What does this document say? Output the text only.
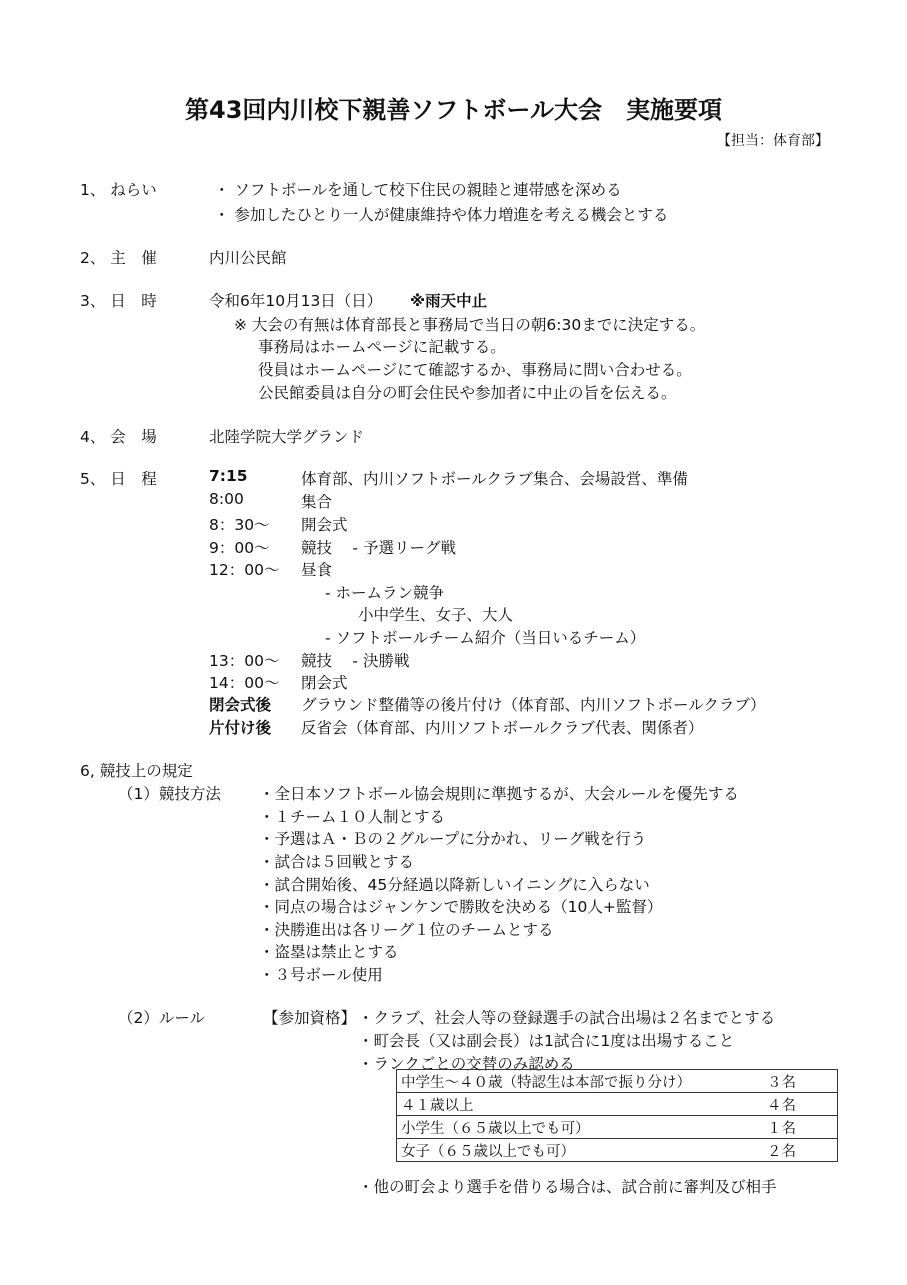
第43回内川校下親善ソフトボール大会　実施要項
【担当：体育部】
1、 ねらい	・ ソフトボールを通して校下住民の親睦と連帯感を深める
・ 参加したひとり一人が健康維持や体力増進を考える機会とする
2、 主　催	内川公民館
3、 日　時	令和6年10月13日（日） ※雨天中止
※ 大会の有無は体育部長と事務局で当日の朝6:30までに決定する。
事務局はホームページに記載する。
役員はホームページにて確認するか、事務局に問い合わせる。
公民館委員は自分の町会住民や参加者に中止の旨を伝える。
4、 会　場	北陸学院大学グランド
5、 日　程	7:15	体育部、内川ソフトボールクラブ集合、会場設営、準備
8:00	集合
8：30～ 開会式
9：00～ 競技　 - 予選リーグ戦
12：00～ 昼食
- ホームラン競争
小中学生、女子、大人
- ソフトボールチーム紹介（当日いるチーム）
13：00～ 競技　 - 決勝戦
14：00～ 閉会式
閉会式後 グラウンド整備等の後片付け（体育部、内川ソフトボールクラブ）
片付け後 反省会（体育部、内川ソフトボールクラブ代表、関係者）
6, 競技上の規定
（1）競技方法 ・全日本ソフトボール協会規則に準拠するが、大会ルールを優先する
・１チーム１０人制とする
・予選はＡ・Ｂの２グループに分かれ、リーグ戦を行う
・試合は５回戦とする
・試合開始後、45分経過以降新しいイニングに入らない
・同点の場合はジャンケンで勝敗を決める（10人+監督）
・決勝進出は各リーグ１位のチームとする
・盗塁は禁止とする
・３号ボール使用
（2）ルール	【参加資格】 ・クラブ、社会人等の登録選手の試合出場は２名までとする
・町会長（又は副会長）は1試合に1度は出場すること
・ランクごとの交替のみ認める
中学生～４０歳（特認生は本部で振り分け）	３名
４１歳以上	４名
小学生（６５歳以上でも可）	１名
女子（６５歳以上でも可）	２名
・他の町会より選手を借りる場合は、試合前に審判及び相手
